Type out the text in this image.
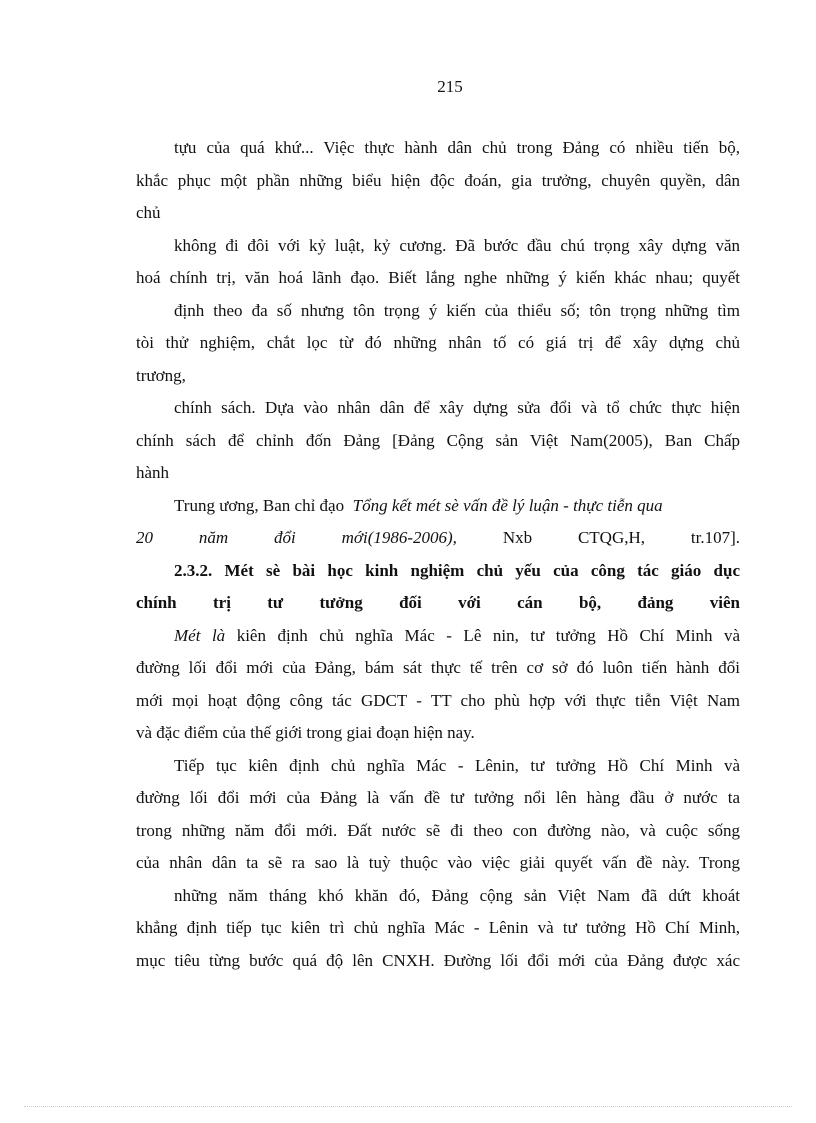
215
tựu của quá khứ... Việc thực hành dân chủ trong Đảng có nhiều tiến bộ,
khắc phục một phần những biểu hiện độc đoán, gia trưởng, chuyên quyền, dân
chủ
không đi đôi với kỷ luật, kỷ cương. Đã bước đầu chú trọng xây dựng văn
hoá chính trị, văn hoá lãnh đạo. Biết lắng nghe những ý kiến khác nhau; quyết
định theo đa số nhưng tôn trọng ý kiến của thiểu số; tôn trọng những tìm
tòi thử nghiệm, chắt lọc từ đó những nhân tố có giá trị để xây dựng chủ
trương,
chính sách. Dựa vào nhân dân để xây dựng sửa đổi và tổ chức thực hiện
chính sách để chỉnh đốn Đảng [Đảng Cộng sản Việt Nam(2005), Ban Chấp
hành
Trung ương, Ban chỉ đạo Tổng kết mét sè vấn đề lý luận - thực tiễn qua
20 năm đổi mới(1986-2006),	Nxb CTQG,H, tr.107].
2.3.2. Mét sè bài học kinh nghiệm chủ yếu của công tác giáo dục
chính trị tư tưởng đối với cán bộ, đảng viên
Mét là kiên định chủ nghĩa Mác - Lê nin, tư tưởng Hồ Chí Minh và
đường lối đổi mới của Đảng, bám sát thực tế trên cơ sở đó luôn tiến hành đổi
mới mọi hoạt động công tác GDCT - TT cho phù hợp với thực tiễn Việt Nam
và đặc điểm của thế giới trong giai đoạn hiện nay.
Tiếp tục kiên định chủ nghĩa Mác - Lênin, tư tưởng Hồ Chí Minh và
đường lối đổi mới của Đảng là vấn đề tư tưởng nổi lên hàng đầu ở nước ta
trong những năm đổi mới. Đất nước sẽ đi theo con đường nào, và cuộc sống
của nhân dân ta sẽ ra sao là tuỳ thuộc vào việc giải quyết vấn đề này. Trong
những năm tháng khó khăn đó, Đảng cộng sản Việt Nam đã dứt khoát
khẳng định tiếp tục kiên trì chủ nghĩa Mác - Lênin và tư tưởng Hồ Chí Minh,
mục tiêu từng bước quá độ lên CNXH. Đường lối đổi mới của Đảng được xác
